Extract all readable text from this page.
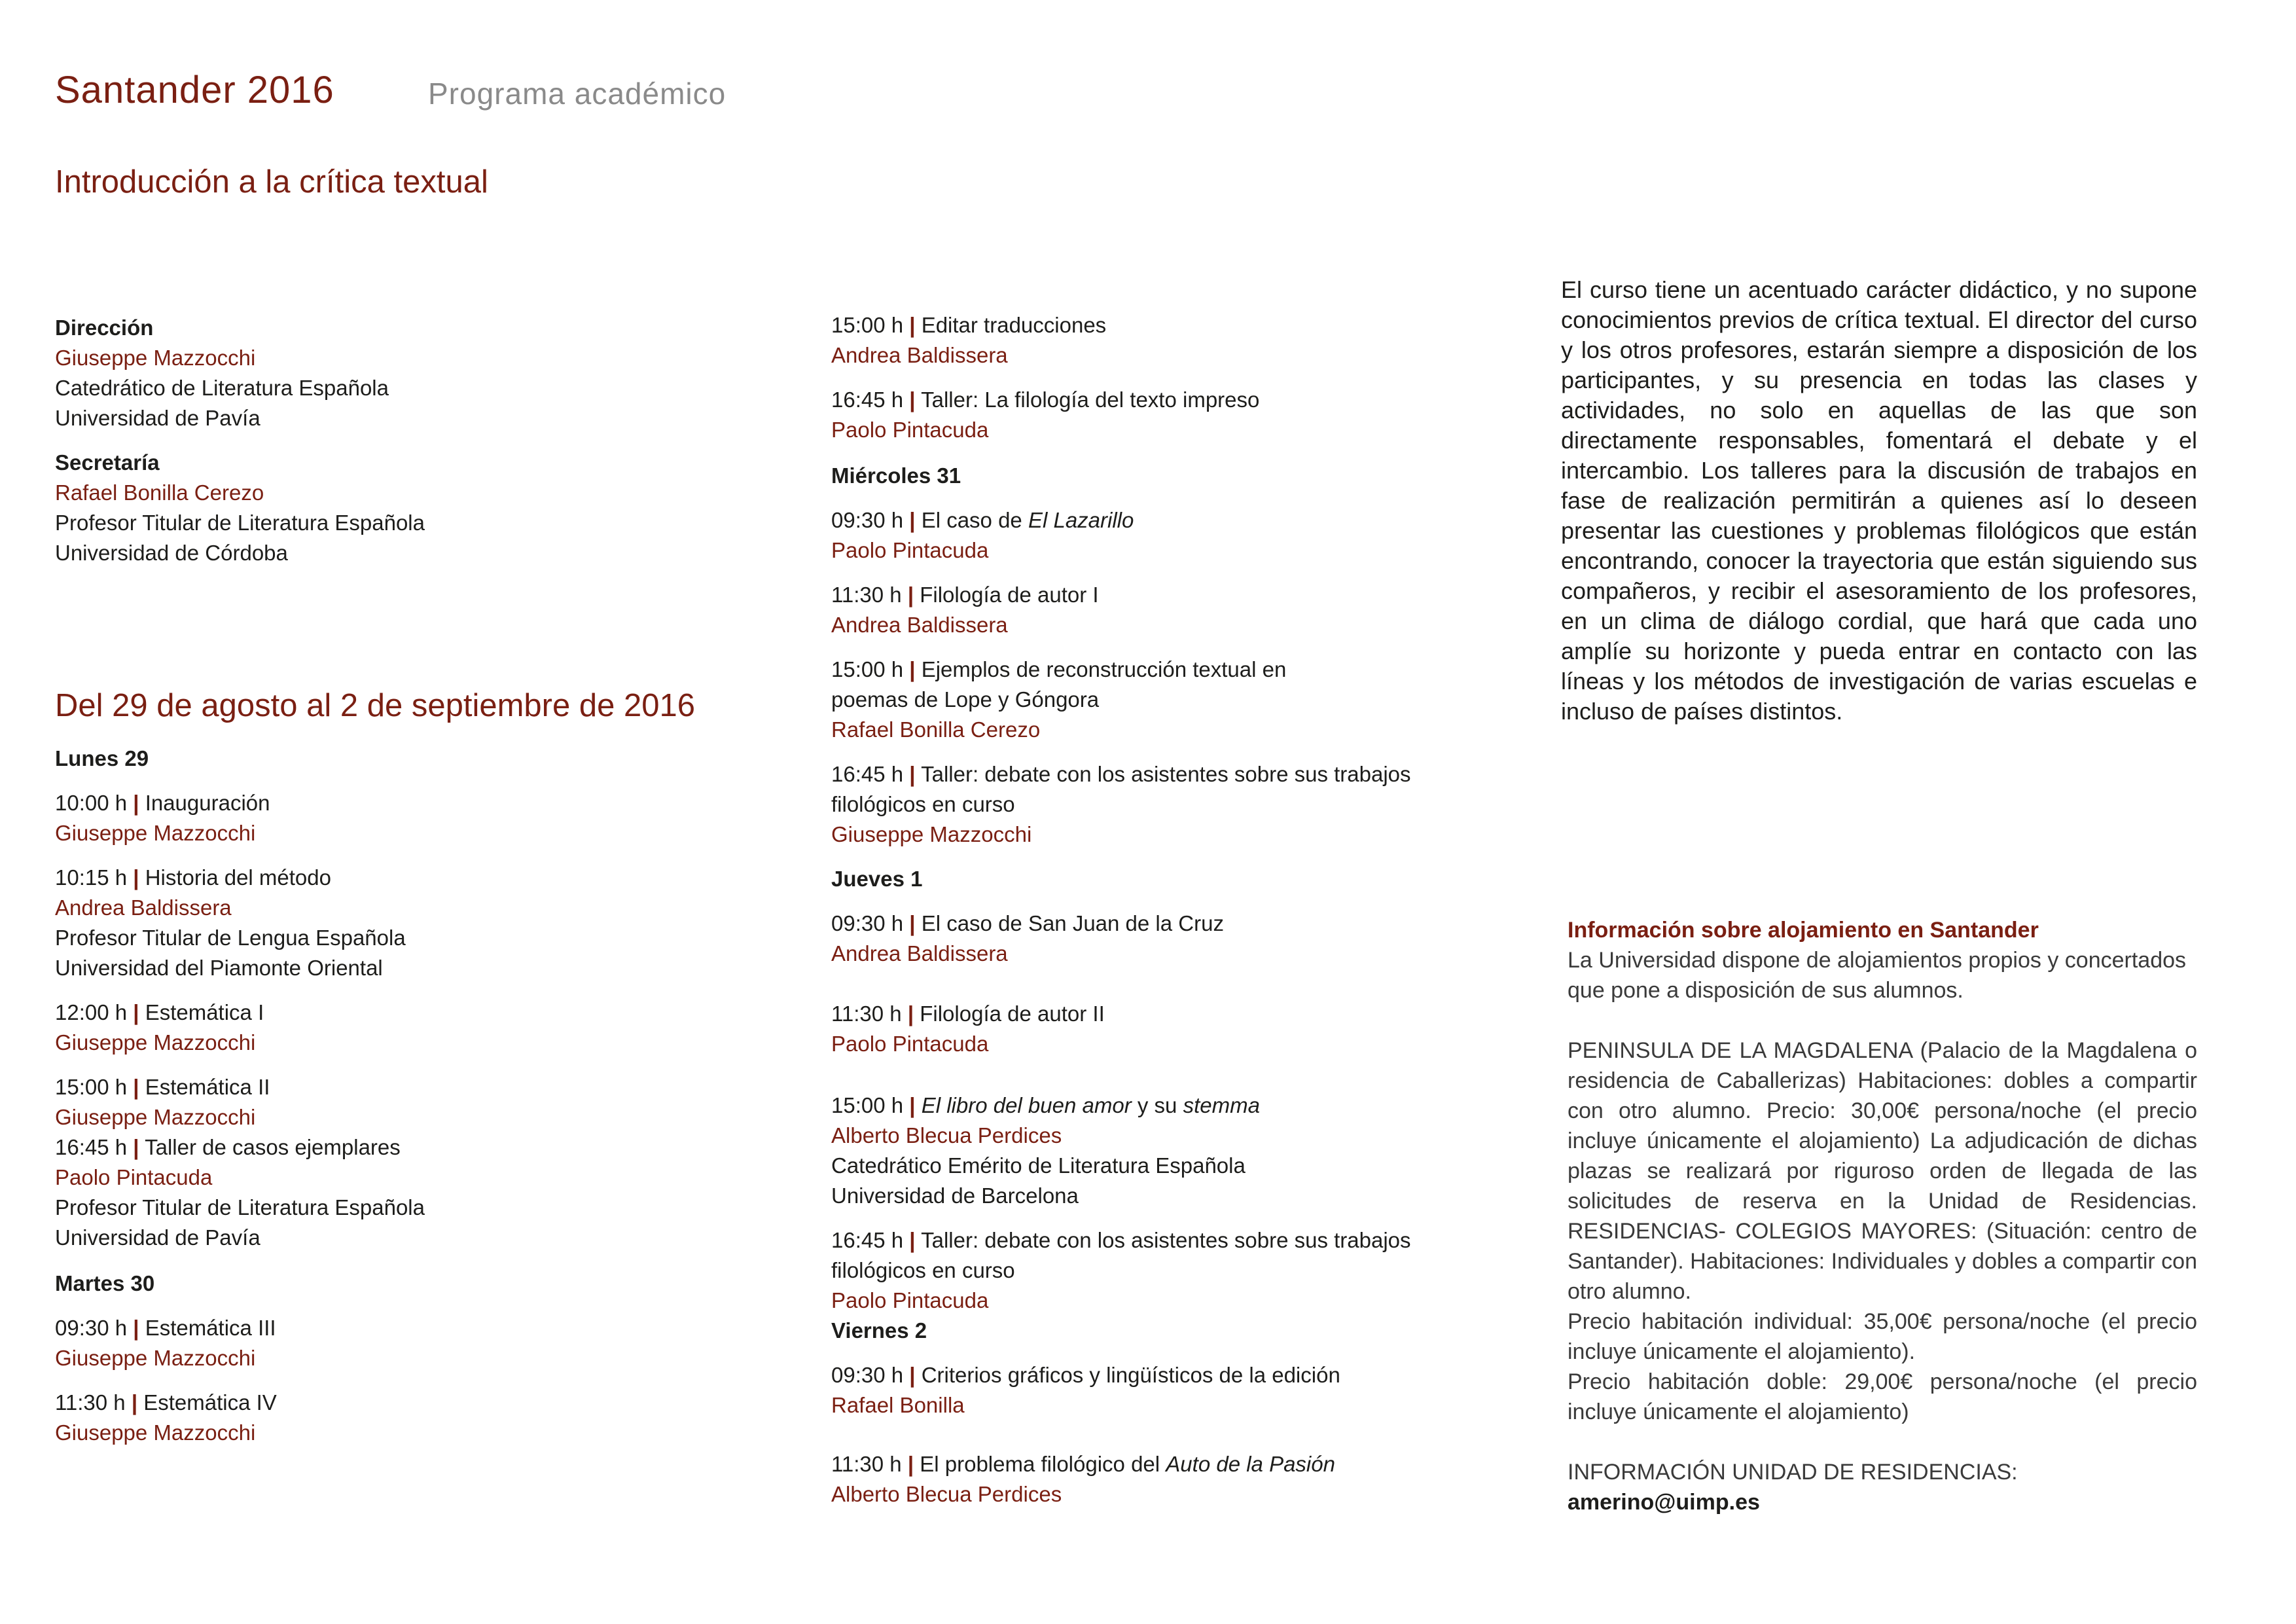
Santander 2016	Programa académico
Introducción a la crítica textual
Dirección
Giuseppe Mazzocchi
Catedrático de Literatura Española
Universidad de Pavía
Secretaría
Rafael Bonilla Cerezo
Profesor Titular de Literatura Española
Universidad de Córdoba
Del 29 de agosto al 2 de septiembre de 2016
Lunes 29
10:00 h | Inauguración
Giuseppe Mazzocchi
10:15 h | Historia del método
Andrea Baldissera
Profesor Titular de Lengua Española
Universidad del Piamonte Oriental
12:00 h | Estemática I
Giuseppe Mazzocchi
15:00 h | Estemática II
Giuseppe Mazzocchi
16:45 h | Taller de casos ejemplares
Paolo Pintacuda
Profesor Titular de Literatura Española
Universidad de Pavía
Martes 30
09:30 h | Estemática III
Giuseppe Mazzocchi
11:30 h | Estemática IV
Giuseppe Mazzocchi
15:00 h | Editar traducciones
Andrea Baldissera
16:45 h | Taller: La filología del texto impreso
Paolo Pintacuda
Miércoles 31
09:30 h | El caso de El Lazarillo
Paolo Pintacuda
11:30 h | Filología de autor I
Andrea Baldissera
15:00 h | Ejemplos de reconstrucción textual en
poemas de Lope y Góngora
Rafael Bonilla Cerezo
16:45 h | Taller: debate con los asistentes sobre sus trabajos
filológicos en curso
Giuseppe Mazzocchi
Jueves 1
09:30 h | El caso de San Juan de la Cruz
Andrea Baldissera
11:30 h | Filología de autor II
Paolo Pintacuda
15:00 h | El libro del buen amor y su stemma
Alberto Blecua Perdices
Catedrático Emérito de Literatura Española
Universidad de Barcelona
16:45 h | Taller: debate con los asistentes sobre sus trabajos
filológicos en curso
Paolo Pintacuda
Viernes 2
09:30 h | Criterios gráficos y lingüísticos de la edición
Rafael Bonilla
11:30 h | El problema filológico del Auto de la Pasión
Alberto Blecua Perdices
El curso tiene un acentuado carácter didáctico, y no supone conocimientos previos de crítica textual. El director del curso y los otros profesores, estarán siempre a disposición de los participantes, y su presencia en todas las clases y actividades, no solo en aquellas de las que son directamente responsables, fomentará el debate y el intercambio. Los talleres para la discusión de trabajos en fase de realización permitirán a quienes así lo deseen presentar las cuestiones y problemas filológicos que están encontrando, conocer la trayectoria que están siguiendo sus compañeros, y recibir el asesoramiento de los profesores, en un clima de diálogo cordial, que hará que cada uno amplíe su horizonte y pueda entrar en contacto con las líneas y los métodos de investigación de varias escuelas e incluso de países distintos.
Información sobre alojamiento en Santander
La Universidad dispone de alojamientos propios y concertados que pone a disposición de sus alumnos.
PENINSULA DE LA MAGDALENA (Palacio de la Magdalena o residencia de Caballerizas) Habitaciones: dobles a compartir con otro alumno. Precio: 30,00€ persona/noche (el precio incluye únicamente el alojamiento) La adjudicación de dichas plazas se realizará por riguroso orden de llegada de las solicitudes de reserva en la Unidad de Residencias. RESIDENCIAS- COLEGIOS MAYORES: (Situación: centro de Santander). Habitaciones: Individuales y dobles a compartir con otro alumno.
Precio habitación individual: 35,00€ persona/noche (el precio incluye únicamente el alojamiento).
Precio habitación doble: 29,00€ persona/noche (el precio incluye únicamente el alojamiento)
INFORMACIÓN UNIDAD DE RESIDENCIAS:
amerino@uimp.es
